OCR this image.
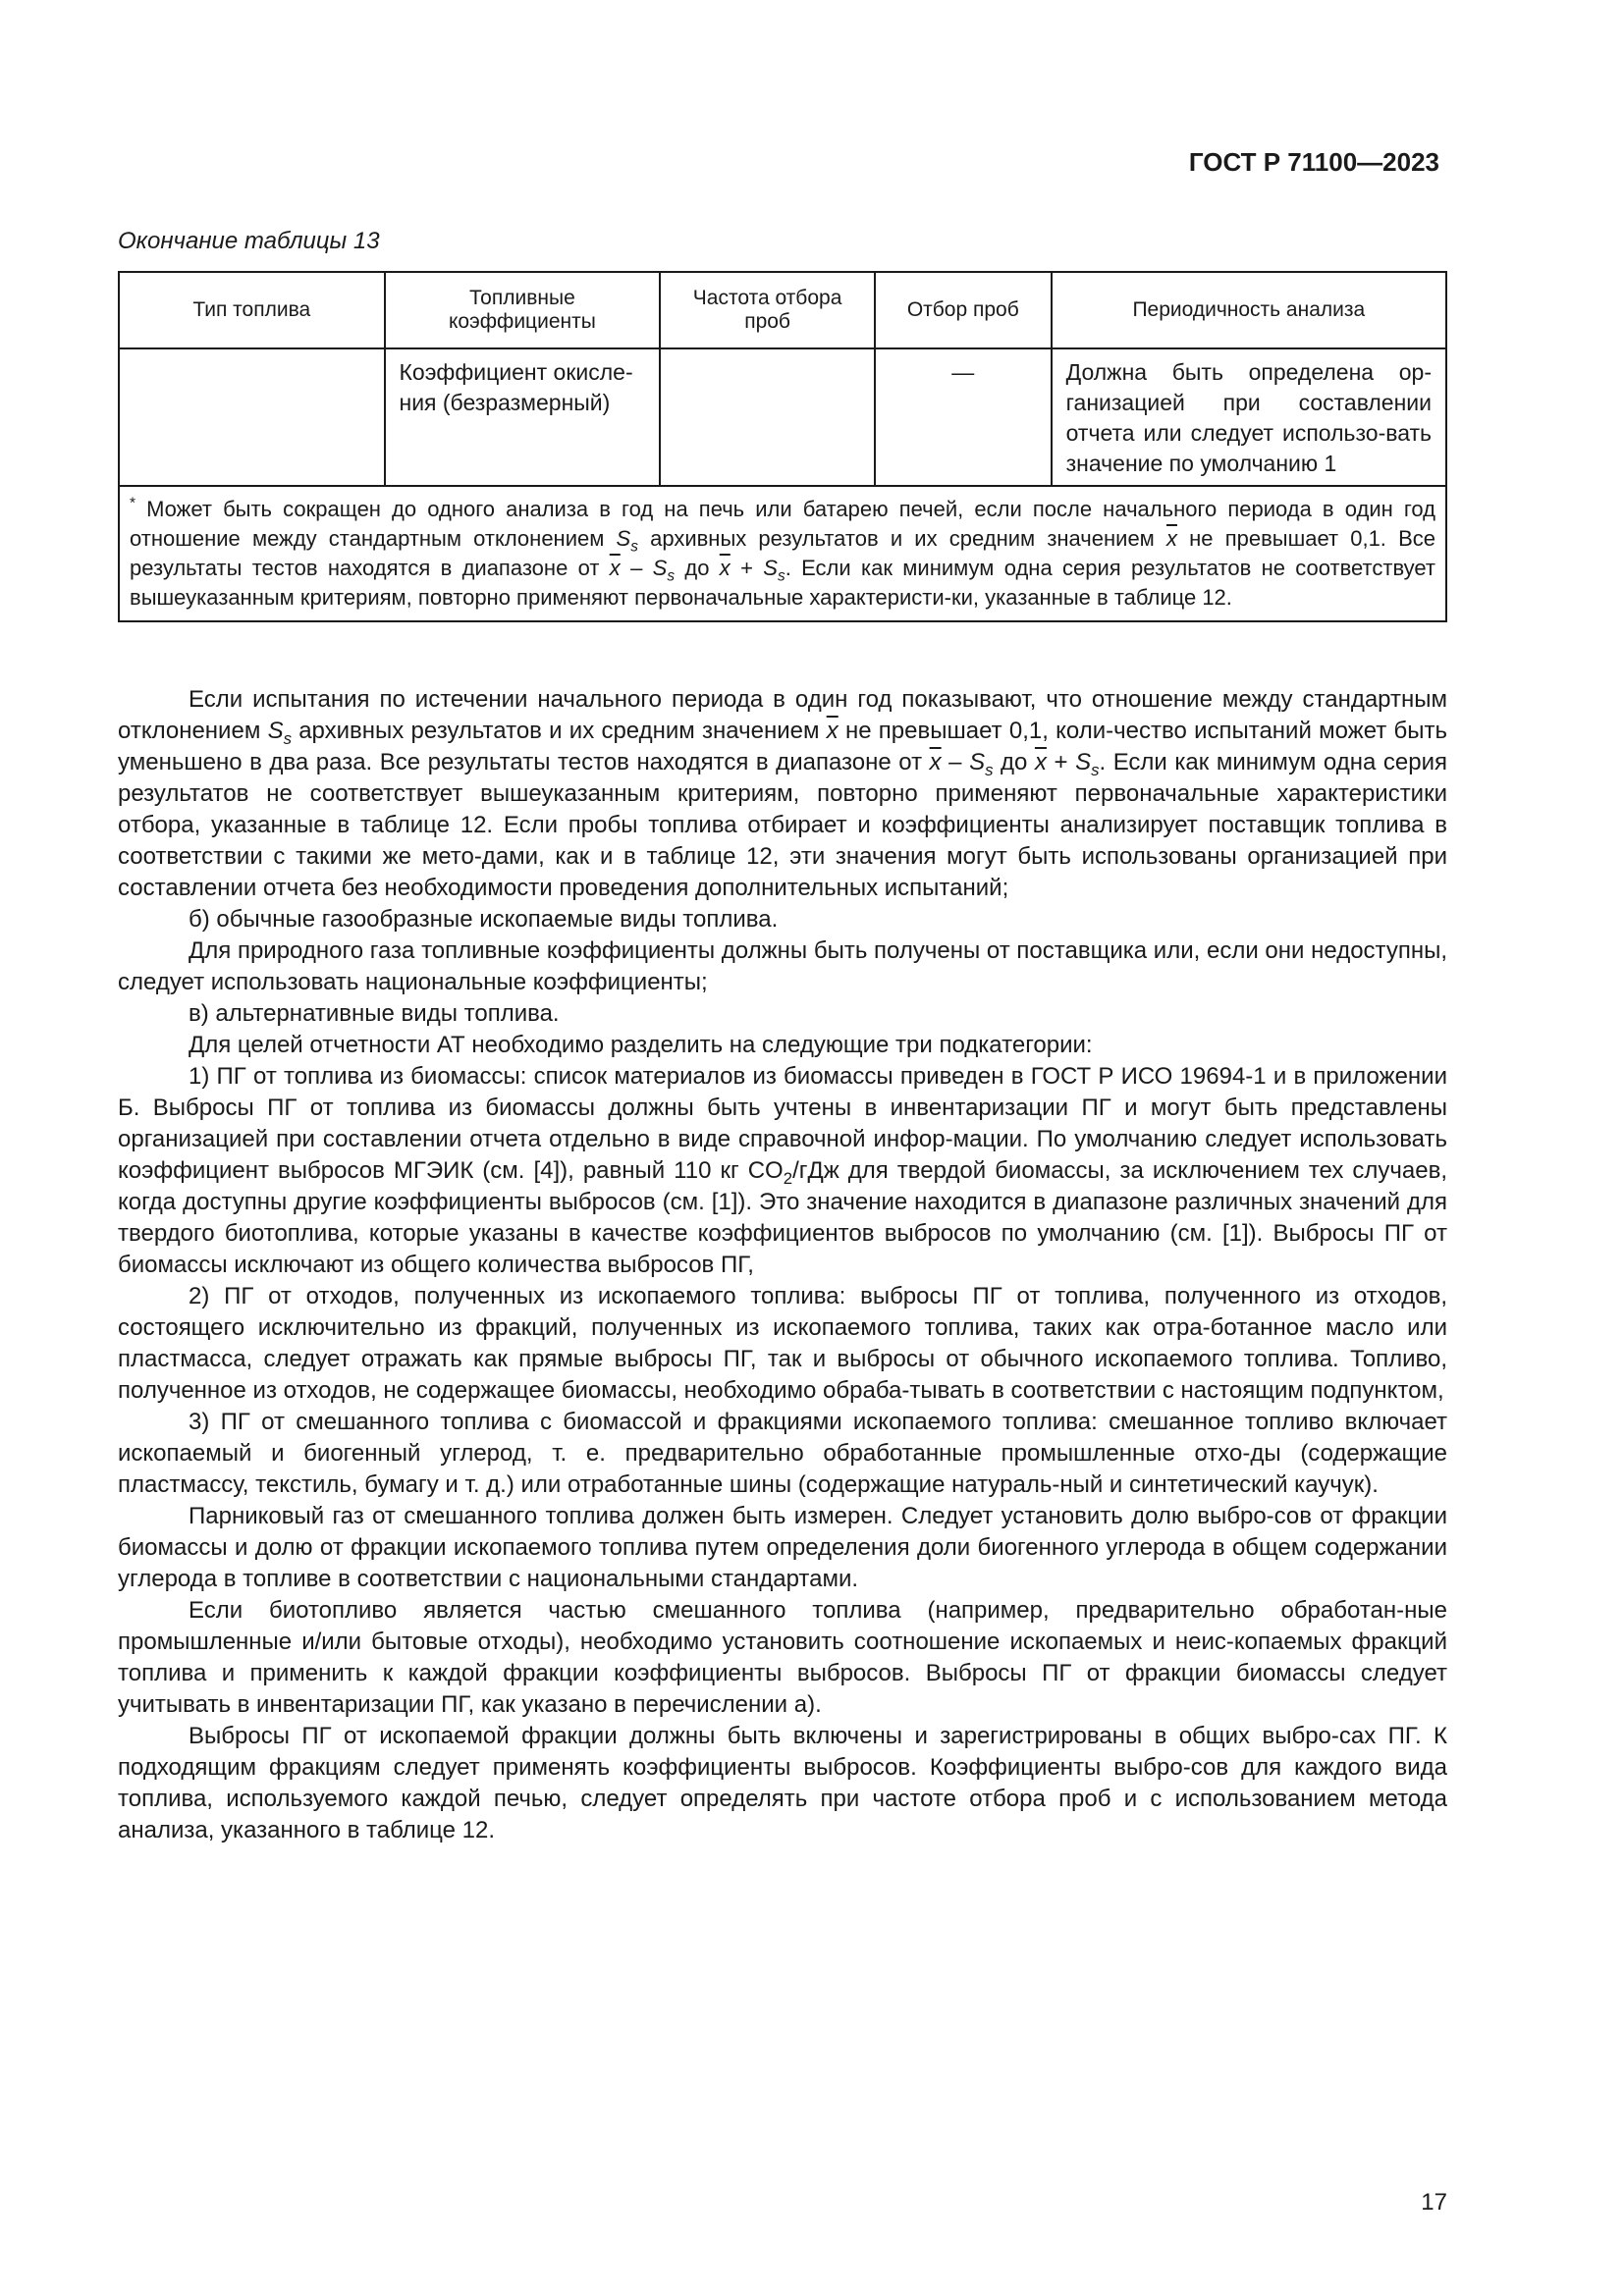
ГОСТ Р 71100—2023
Окончание таблицы 13
Тип топлива	Топливные коэффициенты	Частота отбора проб	Отбор проб	Периодичность анализа
	Коэффициент окисле-ния (безразмерный)		—	Должна быть определена ор-ганизацией при составлении отчета или следует использо-вать значение по умолчанию 1
* Может быть сокращен до одного анализа в год на печь или батарею печей, если после начального периода в один год отношение между стандартным отклонением $S_s$ архивных результатов и их средним значением $\overline{x}$ не превышает 0,1. Все результаты тестов находятся в диапазоне от $\overline{x} - S_s$ до $\overline{x} + S_s$. Если как минимум одна серия результатов не соответствует вышеуказанным критериям, повторно применяют первоначальные характеристи-ки, указанные в таблице 12.				

Если испытания по истечении начального периода в один год показывают, что отношение между стандартным отклонением $S_s$ архивных результатов и их средним значением $\overline{x}$ не превышает 0,1, коли-чество испытаний может быть уменьшено в два раза. Все результаты тестов находятся в диапазоне от $\overline{x} - S_s$ до $\overline{x} + S_s$. Если как минимум одна серия результатов не соответствует вышеуказанным критериям, повторно применяют первоначальные характеристики отбора, указанные в таблице 12. Если пробы топлива отбирает и коэффициенты анализирует поставщик топлива в соответствии с такими же мето-дами, как и в таблице 12, эти значения могут быть использованы организацией при составлении отчета без необходимости проведения дополнительных испытаний;

б) обычные газообразные ископаемые виды топлива.

Для природного газа топливные коэффициенты должны быть получены от поставщика или, если они недоступны, следует использовать национальные коэффициенты;

в) альтернативные виды топлива.

Для целей отчетности АТ необходимо разделить на следующие три подкатегории:

1) ПГ от топлива из биомассы: список материалов из биомассы приведен в ГОСТ Р ИСО 19694-1 и в приложении Б. Выбросы ПГ от топлива из биомассы должны быть учтены в инвентаризации ПГ и могут быть представлены организацией при составлении отчета отдельно в виде справочной инфор-мации. По умолчанию следует использовать коэффициент выбросов МГЭИК (см. [4]), равный 110 кг $CO_2$/гДж для твердой биомассы, за исключением тех случаев, когда доступны другие коэффициенты выбросов (см. [1]). Это значение находится в диапазоне различных значений для твердого биотоплива, которые указаны в качестве коэффициентов выбросов по умолчанию (см. [1]). Выбросы ПГ от биомассы исключают из общего количества выбросов ПГ,

2) ПГ от отходов, полученных из ископаемого топлива: выбросы ПГ от топлива, полученного из отходов, состоящего исключительно из фракций, полученных из ископаемого топлива, таких как отра-ботанное масло или пластмасса, следует отражать как прямые выбросы ПГ, так и выбросы от обычного ископаемого топлива. Топливо, полученное из отходов, не содержащее биомассы, необходимо обраба-тывать в соответствии с настоящим подпунктом,

3) ПГ от смешанного топлива с биомассой и фракциями ископаемого топлива: смешанное топливо включает ископаемый и биогенный углерод, т. е. предварительно обработанные промышленные отхо-ды (содержащие пластмассу, текстиль, бумагу и т. д.) или отработанные шины (содержащие натураль-ный и синтетический каучук).

Парниковый газ от смешанного топлива должен быть измерен. Следует установить долю выбро-сов от фракции биомассы и долю от фракции ископаемого топлива путем определения доли биогенного углерода в общем содержании углерода в топливе в соответствии с национальными стандартами.

Если биотопливо является частью смешанного топлива (например, предварительно обработан-ные промышленные и/или бытовые отходы), необходимо установить соотношение ископаемых и неис-копаемых фракций топлива и применить к каждой фракции коэффициенты выбросов. Выбросы ПГ от фракции биомассы следует учитывать в инвентаризации ПГ, как указано в перечислении а).

Выбросы ПГ от ископаемой фракции должны быть включены и зарегистрированы в общих выбро-сах ПГ. К подходящим фракциям следует применять коэффициенты выбросов. Коэффициенты выбро-сов для каждого вида топлива, используемого каждой печью, следует определять при частоте отбора проб и с использованием метода анализа, указанного в таблице 12.

17
